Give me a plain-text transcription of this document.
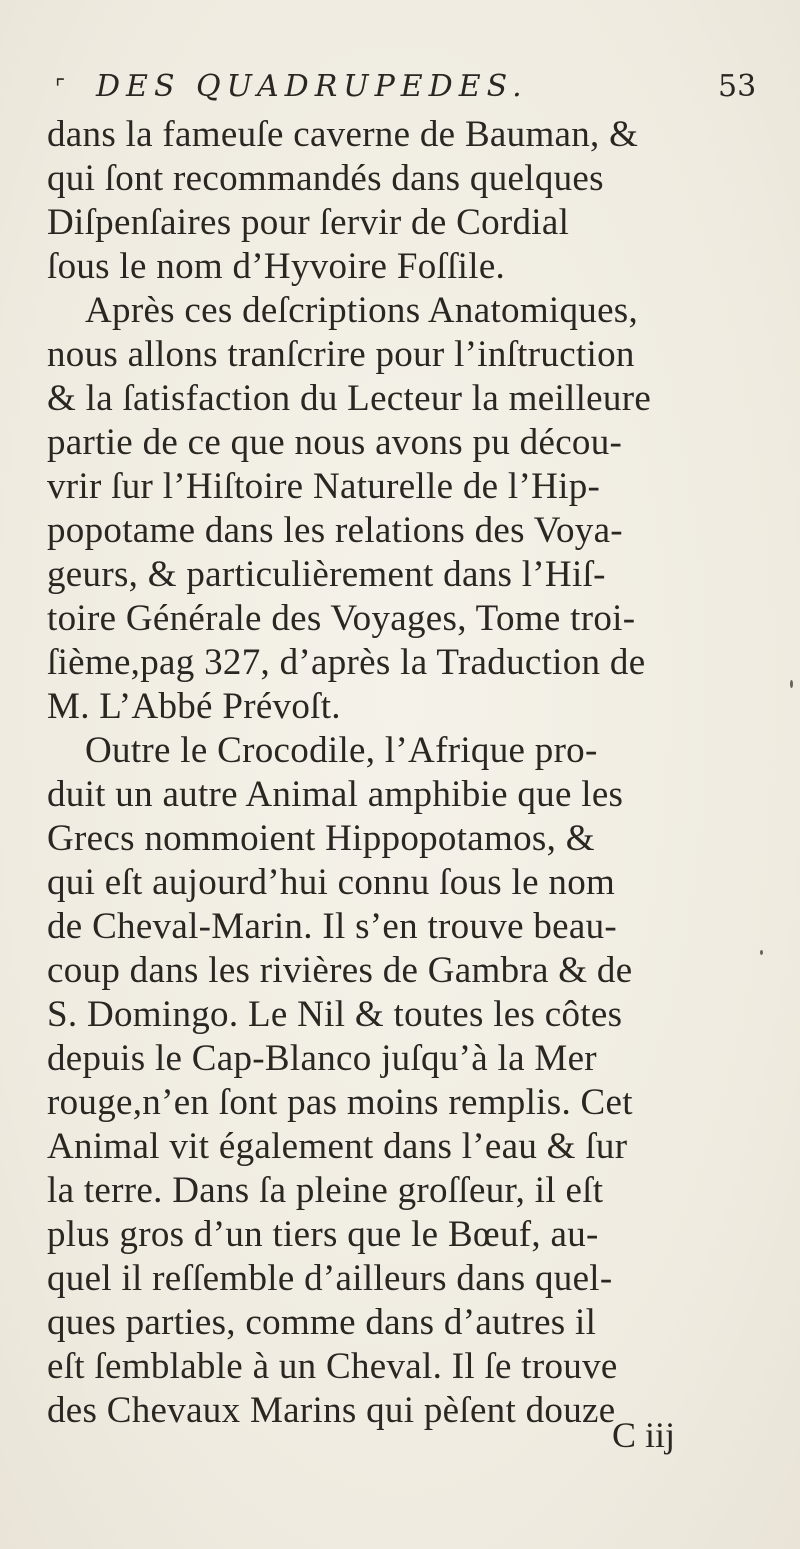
⌜ DES QUADRUPEDES.	53
dans la fameuſe caverne de Bauman, &
qui ſont recommandés dans quelques
Diſpenſaires pour ſervir de Cordial
ſous le nom d’Hyvoire Foſſile.
Après ces deſcriptions Anatomiques,
nous allons tranſcrire pour l’inſtruction
& la ſatisfaction du Lecteur la meilleure
partie de ce que nous avons pu décou-
vrir ſur l’Hiſtoire Naturelle de l’Hip-
popotame dans les relations des Voya-
geurs, & particulièrement dans l’Hiſ-
toire Générale des Voyages, Tome troi-
ſième,pag 327, d’après la Traduction de
M. L’Abbé Prévoſt.
Outre le Crocodile, l’Afrique pro-
duit un autre Animal amphibie que les
Grecs nommoient Hippopotamos, &
qui eſt aujourd’hui connu ſous le nom
de Cheval-Marin. Il s’en trouve beau-
coup dans les rivières de Gambra & de
S. Domingo. Le Nil & toutes les côtes
depuis le Cap-Blanco juſqu’à la Mer
rouge,n’en ſont pas moins remplis. Cet
Animal vit également dans l’eau & ſur
la terre. Dans ſa pleine groſſeur, il eſt
plus gros d’un tiers que le Bœuf, au-
quel il reſſemble d’ailleurs dans quel-
ques parties, comme dans d’autres il
eſt ſemblable à un Cheval. Il ſe trouve
des Chevaux Marins qui pèſent douze
C iij
